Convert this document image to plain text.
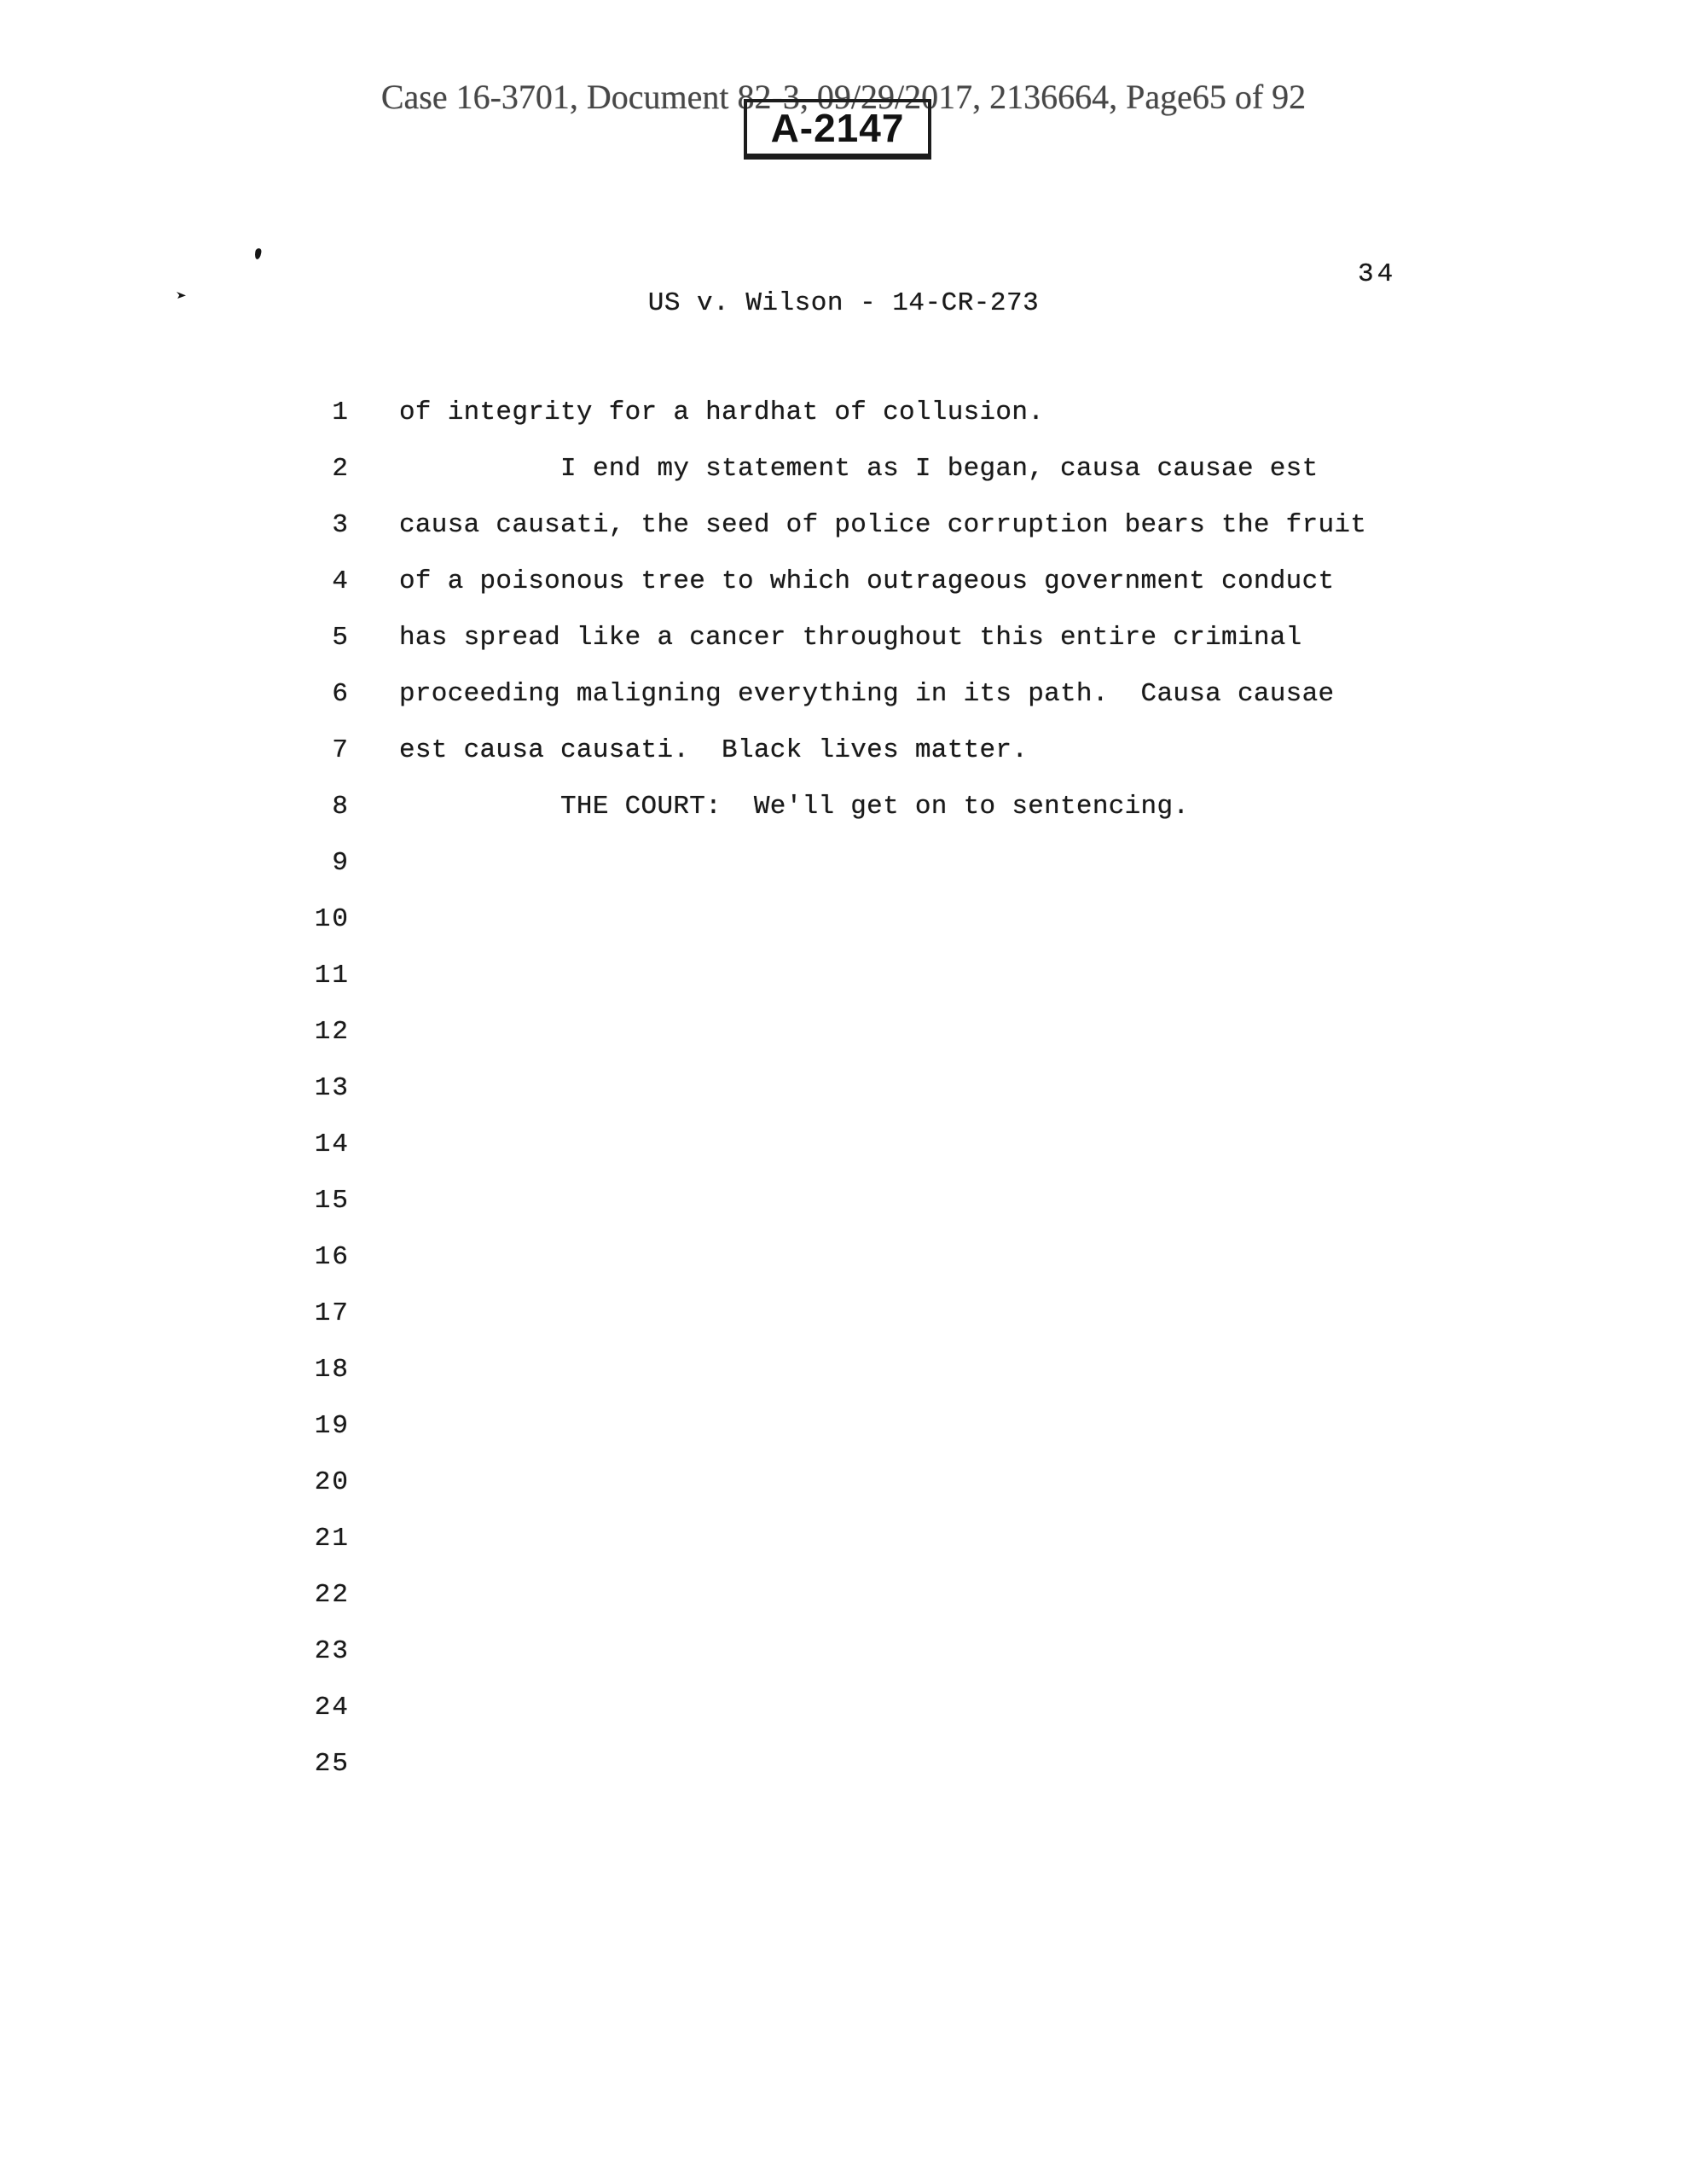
Case 16-3701, Document 82-3, 09/29/2017, 2136664, Page65 of 92
A-2147
34
US v. Wilson - 14-CR-273
1 of integrity for a hardhat of collusion.
2 I end my statement as I began, causa causae est
3 causa causati, the seed of police corruption bears the fruit
4 of a poisonous tree to which outrageous government conduct
5 has spread like a cancer throughout this entire criminal
6 proceeding maligning everything in its path.  Causa causae
7 est causa causati.  Black lives matter.
8 THE COURT:  We'll get on to sentencing.
9
10
11
12
13
14
15
16
17
18
19
20
21
22
23
24
25
